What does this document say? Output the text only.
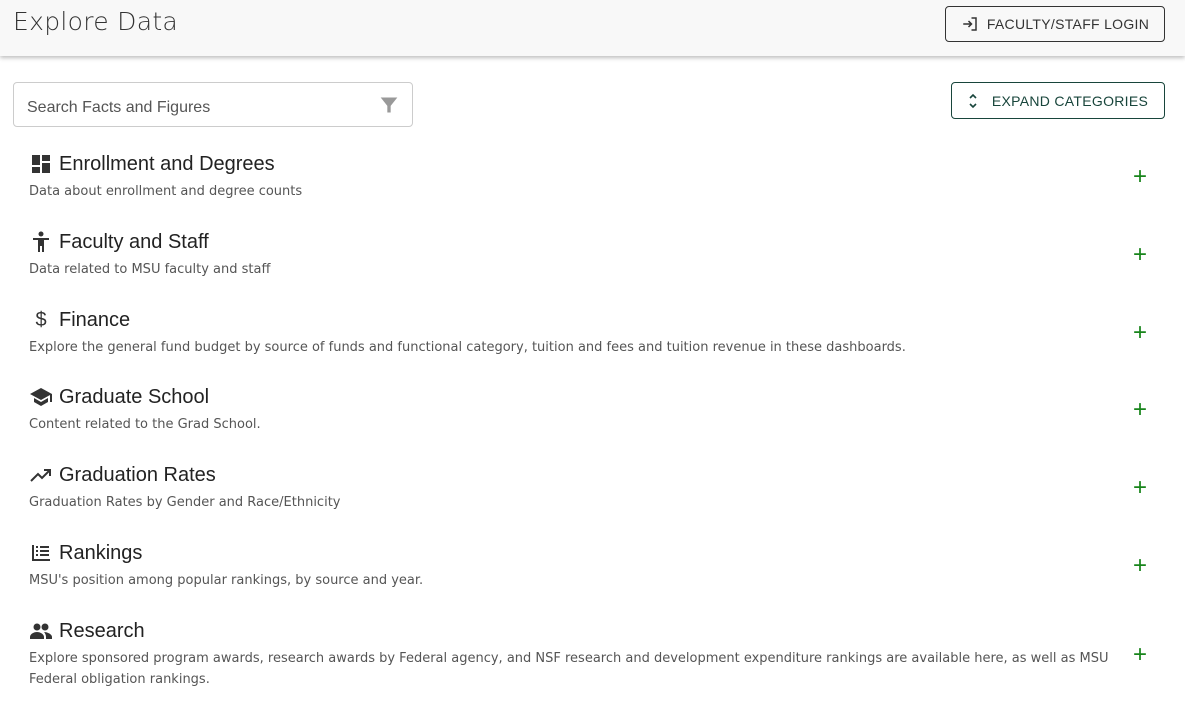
Explore Data	FACULTY/STAFF LOGIN
Search Facts and Figures
EXPAND CATEGORIES
Enrollment and Degrees
Data about enrollment and degree counts
+
Faculty and Staff
Data related to MSU faculty and staff
+
$ Finance
Explore the general fund budget by source of funds and functional category, tuition and fees and tuition revenue in these dashboards.
+
Graduate School
Content related to the Grad School.
+
Graduation Rates
Graduation Rates by Gender and Race/Ethnicity
+
Rankings
MSU's position among popular rankings, by source and year.
+
Research
Explore sponsored program awards, research awards by Federal agency, and NSF research and development expenditure rankings are available here, as well as MSU Federal obligation rankings.
+
